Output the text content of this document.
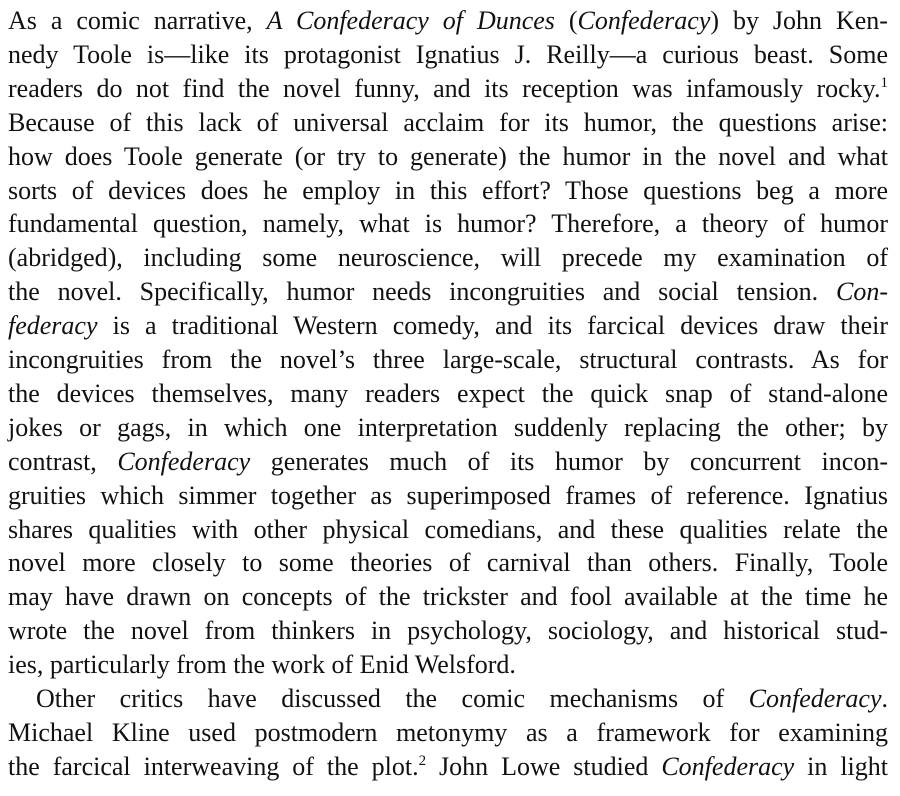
As a comic narrative, A Confederacy of Dunces (Confederacy) by John Ken-
nedy Toole is—like its protagonist Ignatius J. Reilly—a curious beast. Some
readers do not find the novel funny, and its reception was infamously rocky.$^1$
Because of this lack of universal acclaim for its humor, the questions arise:
how does Toole generate (or try to generate) the humor in the novel and what
sorts of devices does he employ in this effort? Those questions beg a more
fundamental question, namely, what is humor? Therefore, a theory of humor
(abridged), including some neuroscience, will precede my examination of
the novel. Specifically, humor needs incongruities and social tension. Con-
federacy is a traditional Western comedy, and its farcical devices draw their
incongruities from the novel’s three large-scale, structural contrasts. As for
the devices themselves, many readers expect the quick snap of stand-alone
jokes or gags, in which one interpretation suddenly replacing the other; by
contrast, Confederacy generates much of its humor by concurrent incon-
gruities which simmer together as superimposed frames of reference. Ignatius
shares qualities with other physical comedians, and these qualities relate the
novel more closely to some theories of carnival than others. Finally, Toole
may have drawn on concepts of the trickster and fool available at the time he
wrote the novel from thinkers in psychology, sociology, and historical stud-
ies, particularly from the work of Enid Welsford.
Other critics have discussed the comic mechanisms of Confederacy.
Michael Kline used postmodern metonymy as a framework for examining
the farcical interweaving of the plot.$^2$ John Lowe studied Confederacy in light
